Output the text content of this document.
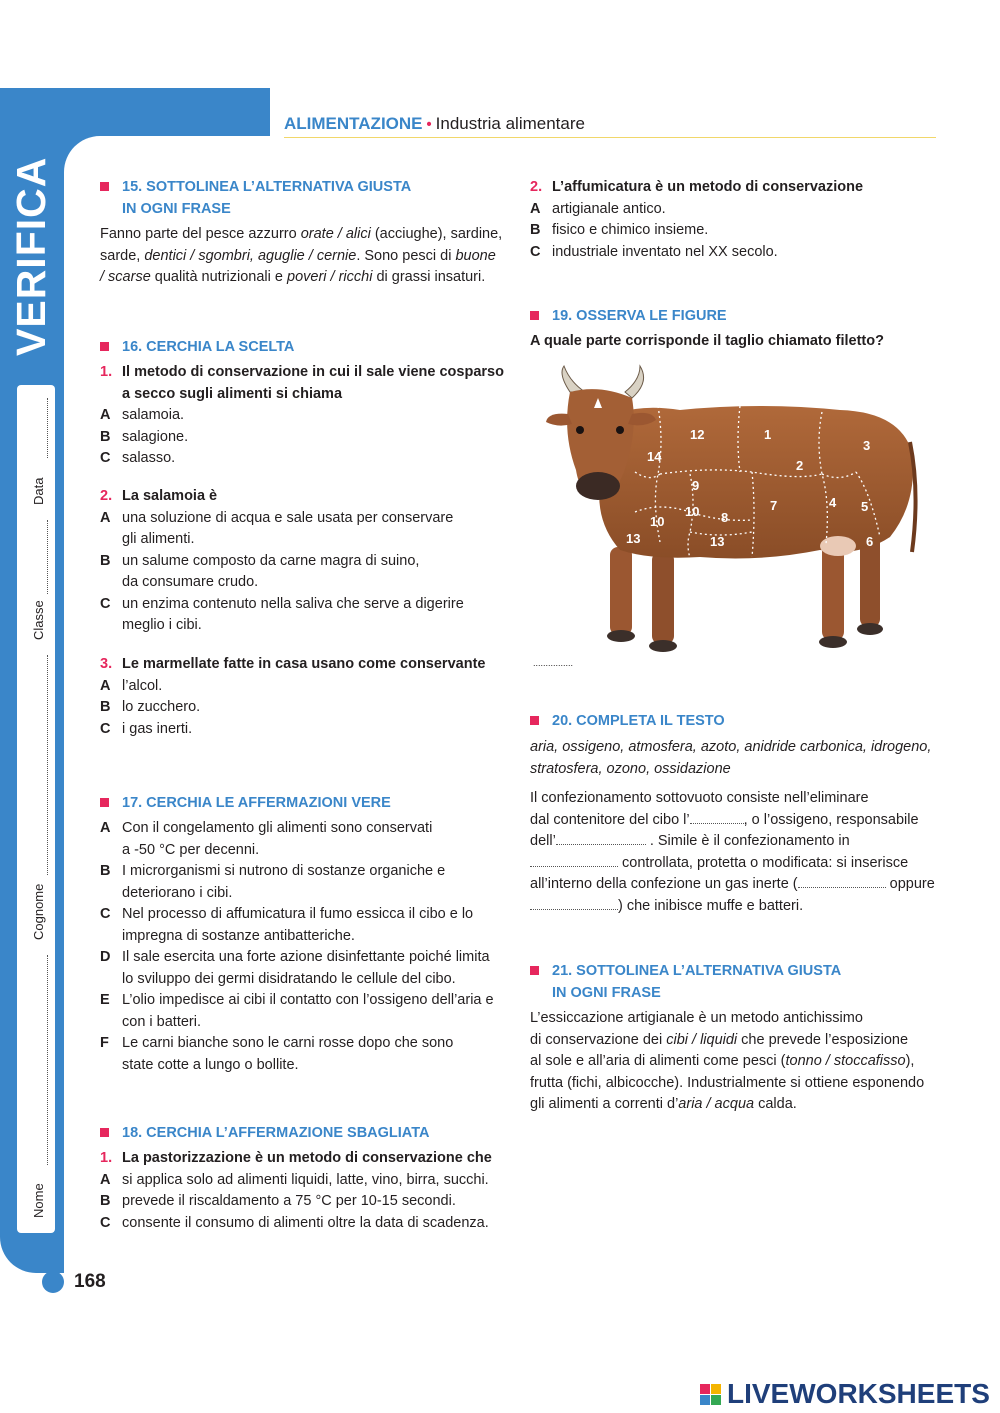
VERIFICA
Data
Classe
Cognome
Nome
ALIMENTAZIONE • Industria alimentare
15. SOTTOLINEA L’ALTERNATIVA GIUSTA
IN OGNI FRASE
Fanno parte del pesce azzurro orate / alici (acciughe), sardine,
sarde, dentici / sgombri, aguglie / cernie. Sono pesci di buone
/ scarse qualità nutrizionali e poveri / ricchi di grassi insaturi.
16. CERCHIA LA SCELTA
1. Il metodo di conservazione in cui il sale viene cosparso
a secco sugli alimenti si chiama
A salamoia.
B salagione.
C salasso.
2. La salamoia è
A una soluzione di acqua e sale usata per conservare
gli alimenti.
B un salume composto da carne magra di suino,
da consumare crudo.
C un enzima contenuto nella saliva che serve a digerire
meglio i cibi.
3. Le marmellate fatte in casa usano come conservante
A l’alcol.
B lo zucchero.
C i gas inerti.
17. CERCHIA LE AFFERMAZIONI VERE
A Con il congelamento gli alimenti sono conservati
a -50 °C per decenni.
B I microrganismi si nutrono di sostanze organiche e
deteriorano i cibi.
C Nel processo di affumicatura il fumo essicca il cibo e lo
impregna di sostanze antibatteriche.
D Il sale esercita una forte azione disinfettante poiché limita
lo sviluppo dei germi disidratando le cellule del cibo.
E L’olio impedisce ai cibi il contatto con l’ossigeno dell’aria e
con i batteri.
F Le carni bianche sono le carni rosse dopo che sono
state cotte a lungo o bollite.
18. CERCHIA L’AFFERMAZIONE SBAGLIATA
1. La pastorizzazione è un metodo di conservazione che
A si applica solo ad alimenti liquidi, latte, vino, birra, succhi.
B prevede il riscaldamento a 75 °C per 10-15 secondi.
C consente il consumo di alimenti oltre la data di scadenza.
2. L’affumicatura è un metodo di conservazione
A artigianale antico.
B fisico e chimico insieme.
C industriale inventato nel XX secolo.
19. OSSERVA LE FIGURE
A quale parte corrisponde il taglio chiamato filetto?
12	1
3
14
2
9
7	4 5
10
10 8
13	13	6
11
................
20. COMPLETA IL TESTO
aria, ossigeno, atmosfera, azoto, anidride carbonica, idrogeno,
stratosfera, ozono, ossidazione
Il confezionamento sottovuoto consiste nell’eliminare
dal contenitore del cibo l’	, o l’ossigeno, responsabile
dell’	. Simile è il confezionamento in
controllata, protetta o modificata: si inserisce
all’interno della confezione un gas inerte (	oppure
) che inibisce muffe e batteri.
21. SOTTOLINEA L’ALTERNATIVA GIUSTA
IN OGNI FRASE
L’essiccazione artigianale è un metodo antichissimo
di conservazione dei cibi / liquidi che prevede l’esposizione
al sole e all’aria di alimenti come pesci (tonno / stoccafisso),
frutta (fichi, albicocche). Industrialmente si ottiene esponendo
gli alimenti a correnti d’aria / acqua calda.
168
LIVEWORKSHEETS
